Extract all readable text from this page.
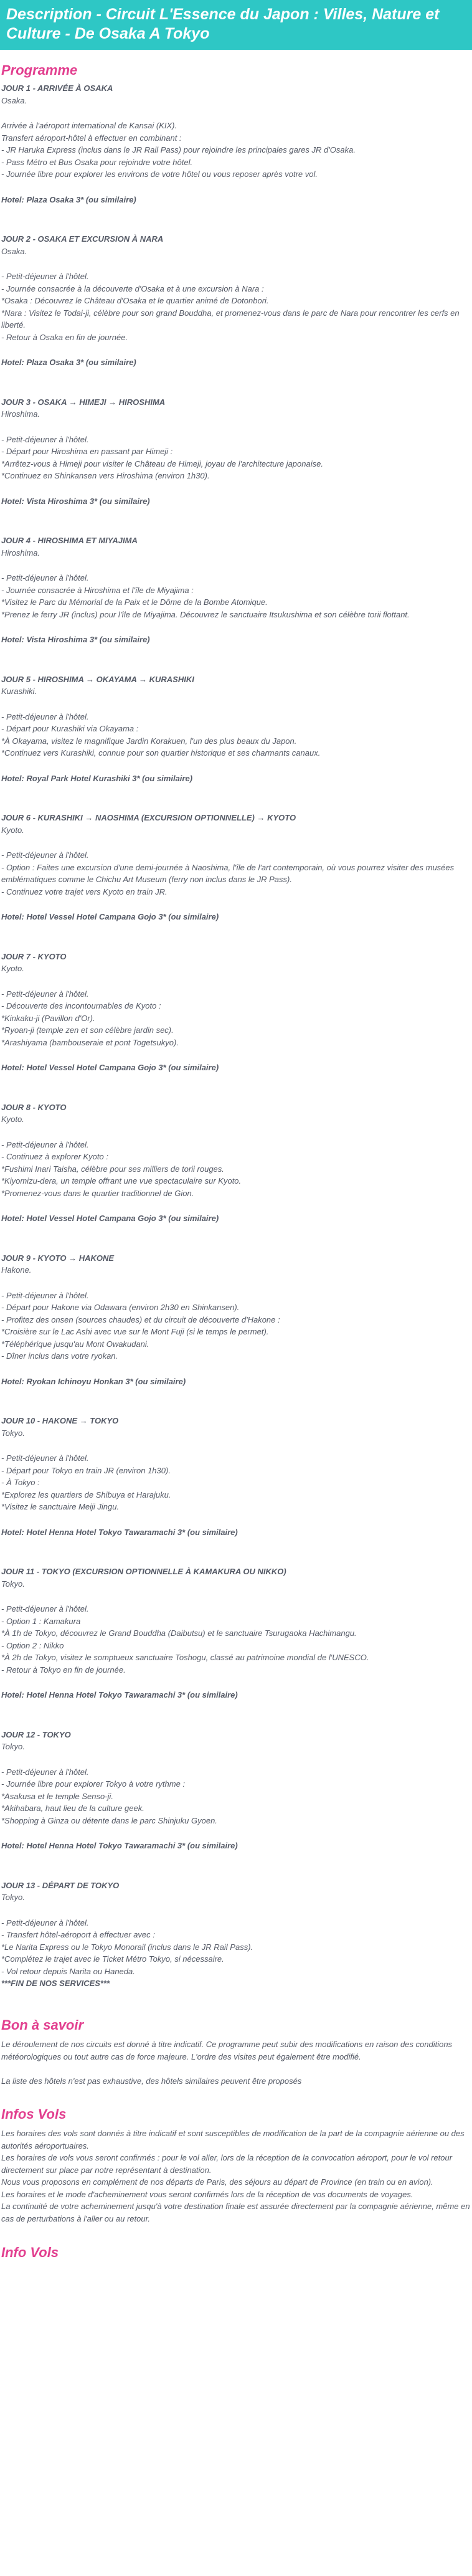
Description - Circuit L'Essence du Japon : Villes, Nature et Culture - De Osaka A Tokyo
Programme

JOUR 1 - ARRIVÉE À OSAKA

Osaka.

Arrivée à l'aéroport international de Kansai (KIX).
Transfert aéroport-hôtel à effectuer en combinant :
- JR Haruka Express (inclus dans le JR Rail Pass) pour rejoindre les principales gares JR d'Osaka.
- Pass Métro et Bus Osaka pour rejoindre votre hôtel.
- Journée libre pour explorer les environs de votre hôtel ou vous reposer après votre vol.

Hotel: Plaza Osaka 3* (ou similaire)

JOUR 2 - OSAKA ET EXCURSION À NARA

Osaka.

- Petit-déjeuner à l'hôtel.
- Journée consacrée à la découverte d'Osaka et à une excursion à Nara :
*Osaka : Découvrez le Château d'Osaka et le quartier animé de Dotonbori.
*Nara : Visitez le Todai-ji, célèbre pour son grand Bouddha, et promenez-vous dans le parc de Nara pour rencontrer les cerfs en liberté.
- Retour à Osaka en fin de journée.

Hotel: Plaza Osaka 3* (ou similaire)

JOUR 3 - OSAKA → HIMEJI → HIROSHIMA

Hiroshima.

- Petit-déjeuner à l'hôtel.
- Départ pour Hiroshima en passant par Himeji :
*Arrêtez-vous à Himeji pour visiter le Château de Himeji, joyau de l'architecture japonaise.
*Continuez en Shinkansen vers Hiroshima (environ 1h30).

Hotel: Vista Hiroshima 3* (ou similaire)

JOUR 4 - HIROSHIMA ET MIYAJIMA

Hiroshima.

- Petit-déjeuner à l'hôtel.
- Journée consacrée à Hiroshima et l'île de Miyajima :
*Visitez le Parc du Mémorial de la Paix et le Dôme de la Bombe Atomique.
*Prenez le ferry JR (inclus) pour l'île de Miyajima. Découvrez le sanctuaire Itsukushima et son célèbre torii flottant.

Hotel: Vista Hiroshima 3* (ou similaire)

JOUR 5 - HIROSHIMA → OKAYAMA → KURASHIKI

Kurashiki.

- Petit-déjeuner à l'hôtel.
- Départ pour Kurashiki via Okayama :
*À Okayama, visitez le magnifique Jardin Korakuen, l'un des plus beaux du Japon.
*Continuez vers Kurashiki, connue pour son quartier historique et ses charmants canaux.

Hotel: Royal Park Hotel Kurashiki 3* (ou similaire)

JOUR 6 - KURASHIKI → NAOSHIMA (EXCURSION OPTIONNELLE) → KYOTO

Kyoto.

- Petit-déjeuner à l'hôtel.
- Option : Faites une excursion d'une demi-journée à Naoshima, l'île de l'art contemporain, où vous pourrez visiter des musées emblématiques comme le Chichu Art Museum (ferry non inclus dans le JR Pass).
- Continuez votre trajet vers Kyoto en train JR.

Hotel: Hotel Vessel Hotel Campana Gojo 3* (ou similaire)

JOUR 7 - KYOTO

Kyoto.

- Petit-déjeuner à l'hôtel.
- Découverte des incontournables de Kyoto :
*Kinkaku-ji (Pavillon d'Or).
*Ryoan-ji (temple zen et son célèbre jardin sec).
*Arashiyama (bambouseraie et pont Togetsukyo).

Hotel: Hotel Vessel Hotel Campana Gojo 3* (ou similaire)

JOUR 8 - KYOTO

Kyoto.

- Petit-déjeuner à l'hôtel.
- Continuez à explorer Kyoto :
*Fushimi Inari Taisha, célèbre pour ses milliers de torii rouges.
*Kiyomizu-dera, un temple offrant une vue spectaculaire sur Kyoto.
*Promenez-vous dans le quartier traditionnel de Gion.

Hotel: Hotel Vessel Hotel Campana Gojo 3* (ou similaire)

JOUR 9 - KYOTO → HAKONE

Hakone.

- Petit-déjeuner à l'hôtel.
- Départ pour Hakone via Odawara (environ 2h30 en Shinkansen).
- Profitez des onsen (sources chaudes) et du circuit de découverte d'Hakone :
*Croisière sur le Lac Ashi avec vue sur le Mont Fuji (si le temps le permet).
*Téléphérique jusqu'au Mont Owakudani.
- Dîner inclus dans votre ryokan.

Hotel: Ryokan Ichinoyu Honkan 3* (ou similaire)

JOUR 10 - HAKONE → TOKYO

Tokyo.

- Petit-déjeuner à l'hôtel.
- Départ pour Tokyo en train JR (environ 1h30).
- À Tokyo :
*Explorez les quartiers de Shibuya et Harajuku.
*Visitez le sanctuaire Meiji Jingu.

Hotel: Hotel Henna Hotel Tokyo Tawaramachi 3* (ou similaire)

JOUR 11 - TOKYO (EXCURSION OPTIONNELLE À KAMAKURA OU NIKKO)

Tokyo.

- Petit-déjeuner à l'hôtel.
- Option 1 : Kamakura
*À 1h de Tokyo, découvrez le Grand Bouddha (Daibutsu) et le sanctuaire Tsurugaoka Hachimangu.
- Option 2 : Nikko
*À 2h de Tokyo, visitez le somptueux sanctuaire Toshogu, classé au patrimoine mondial de l'UNESCO.
- Retour à Tokyo en fin de journée.

Hotel: Hotel Henna Hotel Tokyo Tawaramachi 3* (ou similaire)

JOUR 12 - TOKYO

Tokyo.

- Petit-déjeuner à l'hôtel.
- Journée libre pour explorer Tokyo à votre rythme :
*Asakusa et le temple Senso-ji.
*Akihabara, haut lieu de la culture geek.
*Shopping à Ginza ou détente dans le parc Shinjuku Gyoen.

Hotel: Hotel Henna Hotel Tokyo Tawaramachi 3* (ou similaire)

JOUR 13 - DÉPART DE TOKYO

Tokyo.

- Petit-déjeuner à l'hôtel.
- Transfert hôtel-aéroport à effectuer avec :
*Le Narita Express ou le Tokyo Monorail (inclus dans le JR Rail Pass).
*Complétez le trajet avec le Ticket Métro Tokyo, si nécessaire.
- Vol retour depuis Narita ou Haneda.

***FIN DE NOS SERVICES***

Bon à savoir

Le déroulement de nos circuits est donné à titre indicatif. Ce programme peut subir des modifications en raison des conditions météorologiques ou tout autre cas de force majeure. L'ordre des visites peut également être modifié.

La liste des hôtels n'est pas exhaustive, des hôtels similaires peuvent être proposés

Infos Vols
Les horaires des vols sont donnés à titre indicatif et sont susceptibles de modification de la part de la compagnie aérienne ou des autorités aéroportuaires.
Les horaires de vols vous seront confirmés : pour le vol aller, lors de la réception de la convocation aéroport, pour le vol retour directement sur place par notre représentant à destination.
Nous vous proposons en complément de nos départs de Paris, des séjours au départ de Province (en train ou en avion).
Les horaires et le mode d'acheminement vous seront confirmés lors de la réception de vos documents de voyages.
La continuité de votre acheminement jusqu'à votre destination finale est assurée directement par la compagnie aérienne, même en cas de perturbations à l'aller ou au retour.
Info Vols
